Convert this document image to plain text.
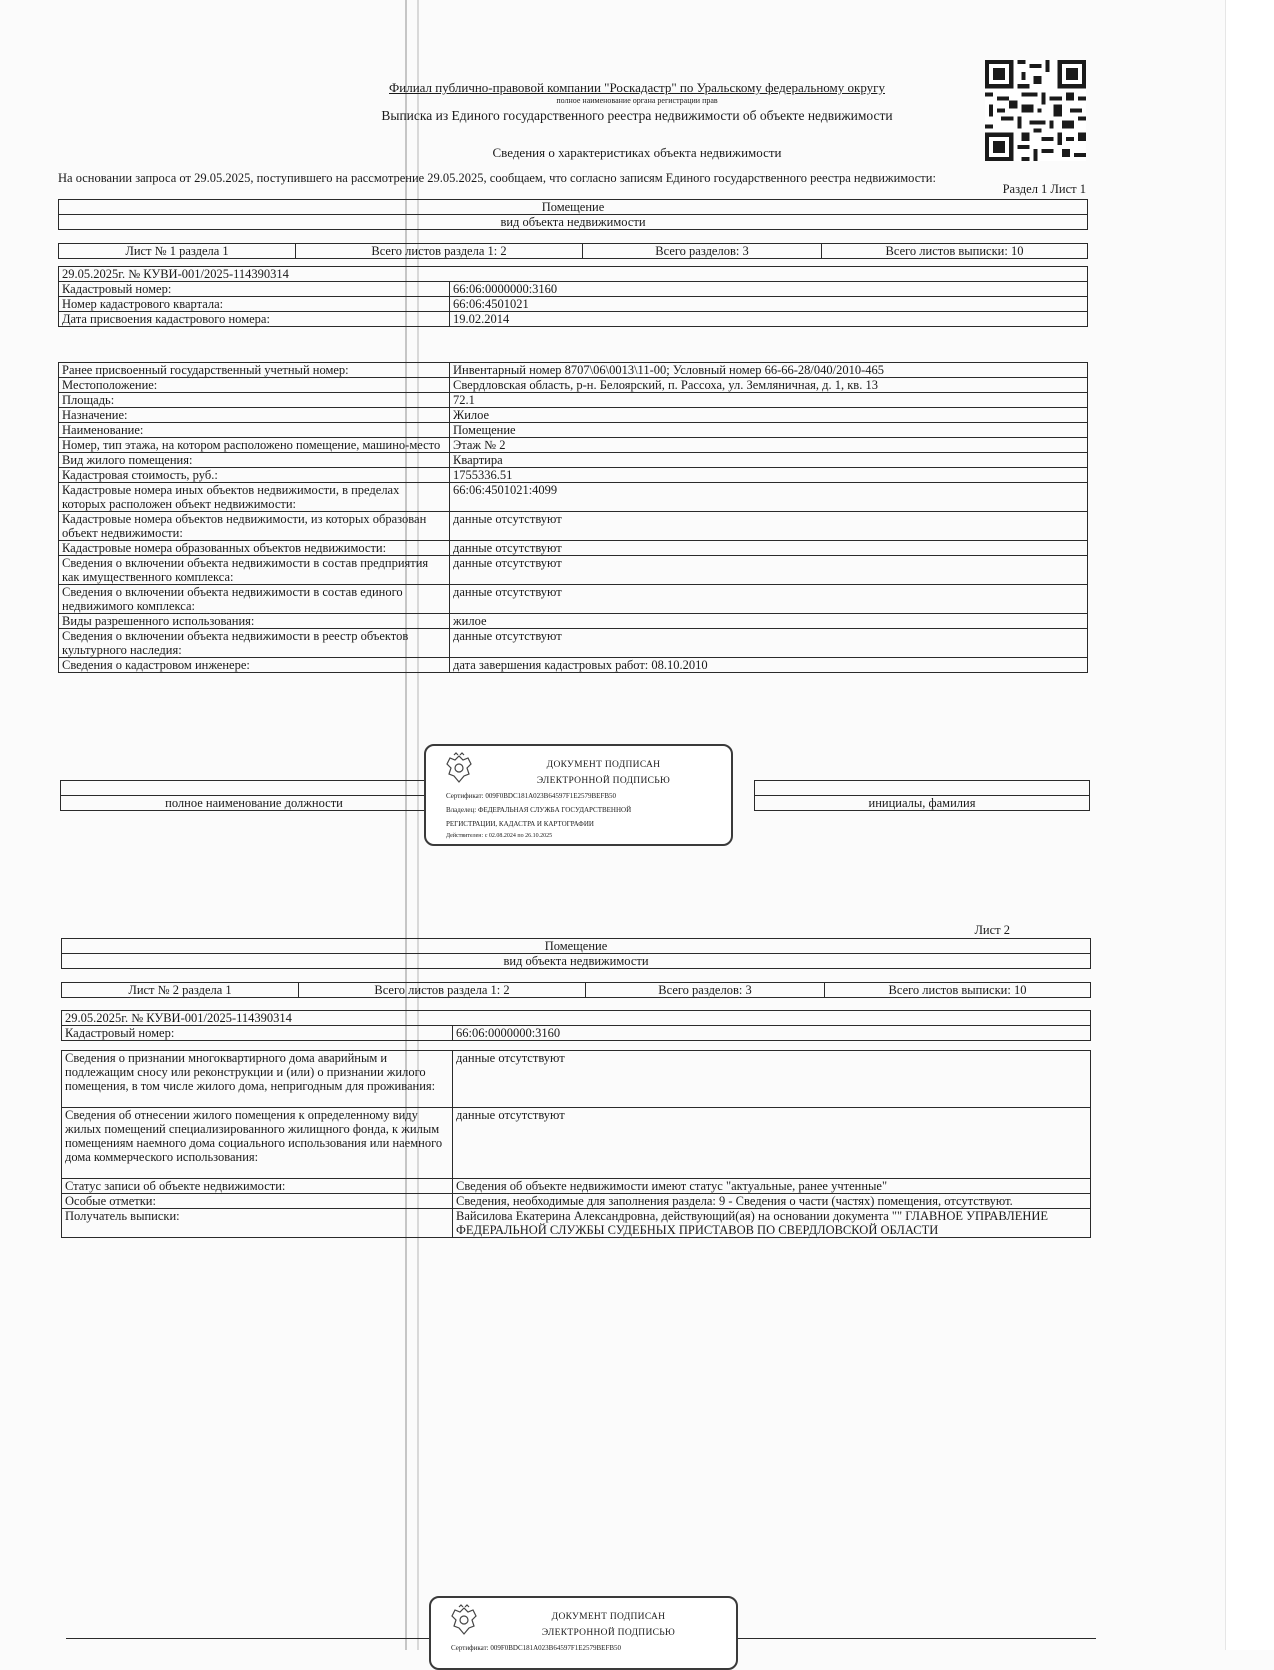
Филиал публично-правовой компании "Роскадастр" по Уральскому федеральному округу
полное наименование органа регистрации прав
Выписка из Единого государственного реестра недвижимости об объекте недвижимости
Сведения о характеристиках объекта недвижимости
На основании запроса от 29.05.2025, поступившего на рассмотрение 29.05.2025, сообщаем, что согласно записям Единого государственного реестра недвижимости:
Раздел 1 Лист 1
Помещение
вид объекта недвижимости
Лист № 1 раздела 1	Всего листов раздела 1: 2	Всего разделов: 3	Всего листов выписки: 10
29.05.2025г. № КУВИ-001/2025-114390314	
Кадастровый номер:	66:06:0000000:3160
Номер кадастрового квартала:	66:06:4501021
Дата присвоения кадастрового номера:	19.02.2014
Ранее присвоенный государственный учетный номер:	Инвентарный номер 8707\06\0013\11-00; Условный номер 66-66-28/040/2010-465
Местоположение:	Свердловская область, р-н. Белоярский, п. Рассоха, ул. Земляничная, д. 1, кв. 13
Площадь:	72.1
Назначение:	Жилое
Наименование:	Помещение
Номер, тип этажа, на котором расположено помещение, машино-место	Этаж № 2
Вид жилого помещения:	Квартира
Кадастровая стоимость, руб.:	1755336.51
Кадастровые номера иных объектов недвижимости, в пределах которых расположен объект недвижимости:	66:06:4501021:4099
Кадастровые номера объектов недвижимости, из которых образован объект недвижимости:	данные отсутствуют
Кадастровые номера образованных объектов недвижимости:	данные отсутствуют
Сведения о включении объекта недвижимости в состав предприятия как имущественного комплекса:	данные отсутствуют
Сведения о включении объекта недвижимости в состав единого недвижимого комплекса:	данные отсутствуют
Виды разрешенного использования:	жилое
Сведения о включении объекта недвижимости в реестр объектов культурного наследия:	данные отсутствуют
Сведения о кадастровом инженере:	дата завершения кадастровых работ: 08.10.2010

полное наименование должности		инициалы, фамилия
ДОКУМЕНТ ПОДПИСАН
ЭЛЕКТРОННОЙ ПОДПИСЬЮ
Сертификат: 009F0BDC181A023B64597F1E2579BEFB50
Владелец: ФЕДЕРАЛЬНАЯ СЛУЖБА ГОСУДАРСТВЕННОЙ
РЕГИСТРАЦИИ, КАДАСТРА И КАРТОГРАФИИ
Действителен: с 02.08.2024 по 26.10.2025
Лист 2
Помещение
вид объекта недвижимости
Лист № 2 раздела 1	Всего листов раздела 1: 2	Всего разделов: 3	Всего листов выписки: 10
29.05.2025г. № КУВИ-001/2025-114390314
Кадастровый номер:	66:06:0000000:3160
Сведения о признании многоквартирного дома аварийным и подлежащим сносу или реконструкции и (или) о признании жилого помещения, в том числе жилого дома, непригодным для проживания:	данные отсутствуют
Сведения об отнесении жилого помещения к определенному виду жилых помещений специализированного жилищного фонда, к жилым помещениям наемного дома социального использования или наемного дома коммерческого использования:	данные отсутствуют
Статус записи об объекте недвижимости:	Сведения об объекте недвижимости имеют статус "актуальные, ранее учтенные"
Особые отметки:	Сведения, необходимые для заполнения раздела: 9 - Сведения о части (частях) помещения, отсутствуют.
Получатель выписки:	Вайсилова Екатерина Александровна, действующий(ая) на основании документа "" ГЛАВНОЕ УПРАВЛЕНИЕ ФЕДЕРАЛЬНОЙ СЛУЖБЫ СУДЕБНЫХ ПРИСТАВОВ ПО СВЕРДЛОВСКОЙ ОБЛАСТИ
ДОКУМЕНТ ПОДПИСАН
ЭЛЕКТРОННОЙ ПОДПИСЬЮ
Сертификат: 009F0BDC181A023B64597F1E2579BEFB50
